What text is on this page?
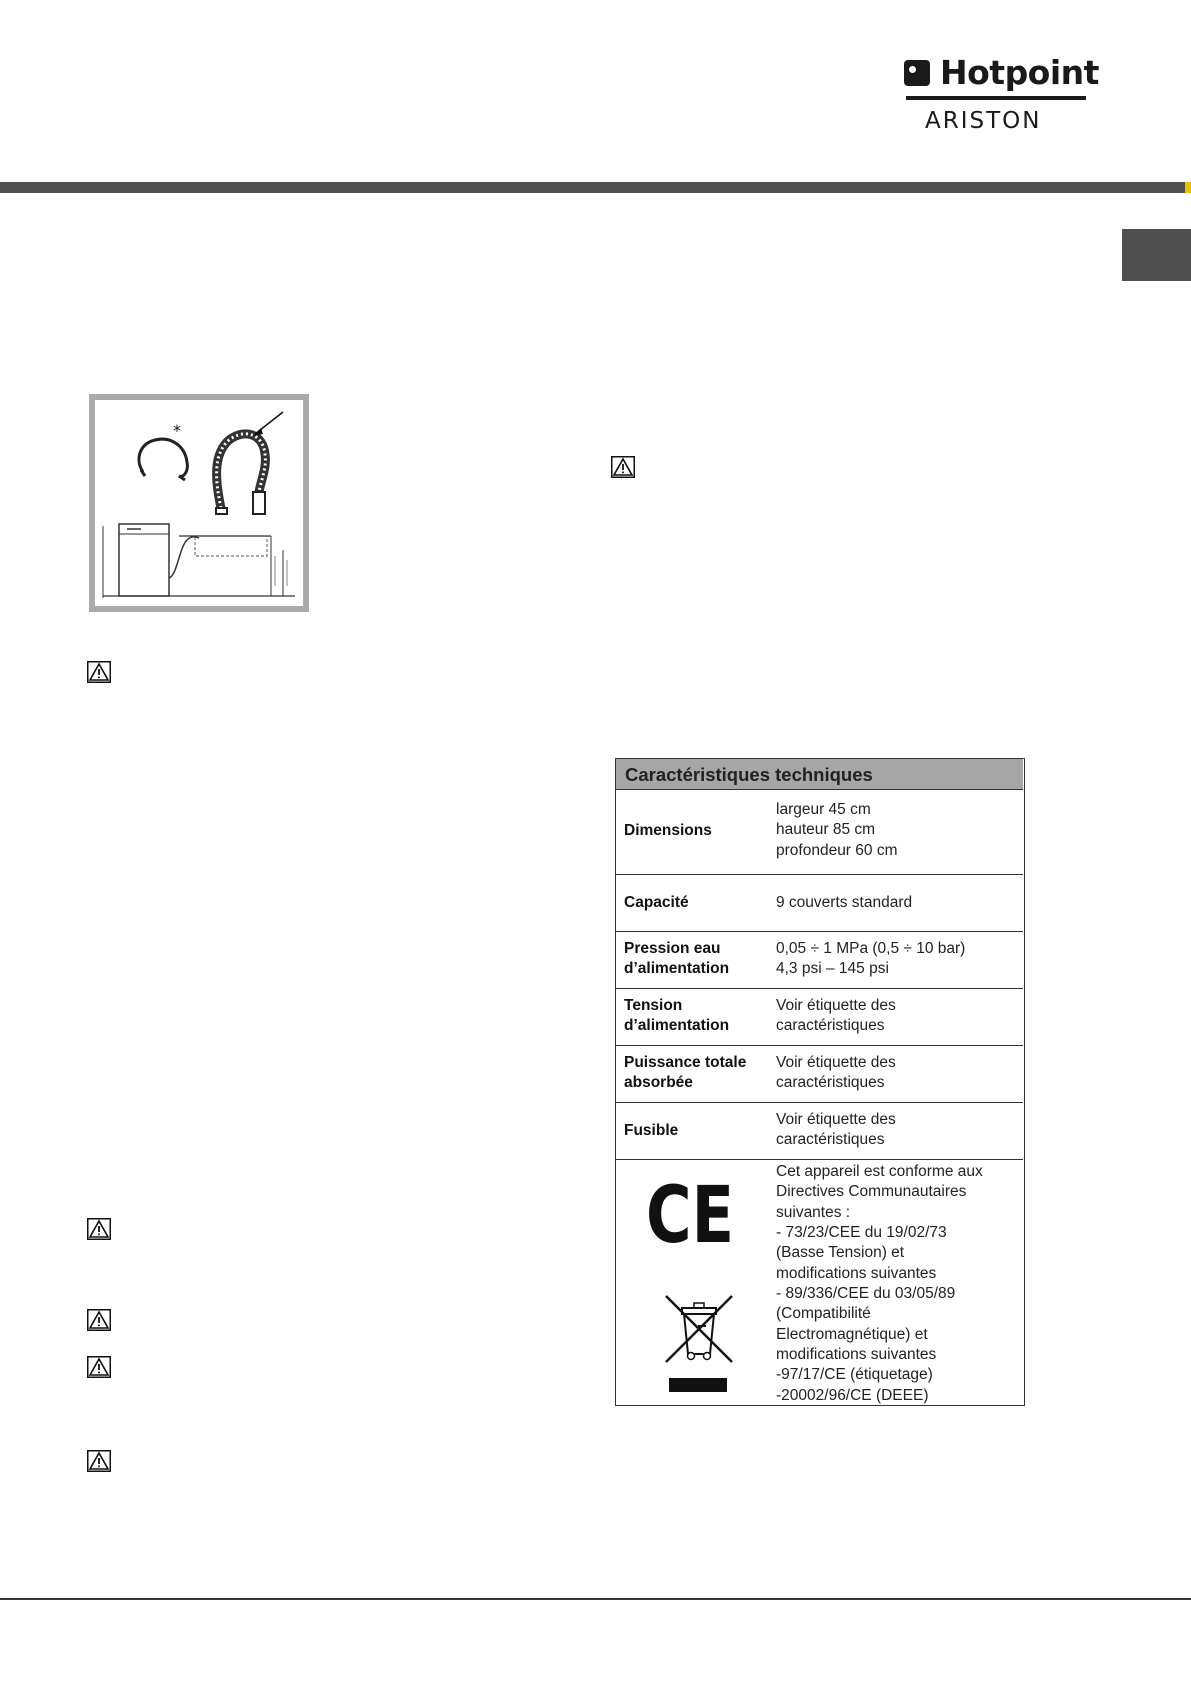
Hotpoint
ARISTON
*
Caractéristiques techniques
Dimensions
largeur 45 cm
hauteur 85 cm
profondeur 60 cm
Capacité	9 couverts standard

Pression eau
d’alimentation

0,05 ÷ 1 MPa (0,5 ÷ 10 bar)
4,3 psi – 145 psi

Tension
d’alimentation
Voir étiquette des
caractéristiques
Puissance totale
absorbée
Voir étiquette des
caractéristiques
Fusible
Voir étiquette des
caractéristiques
CE	Cet appareil est conforme aux
Directives Communautaires
suivantes :
- 73/23/CEE du 19/02/73
(Basse Tension) et
modifications suivantes
- 89/336/CEE du 03/05/89
(Compatibilité
Electromagnétique) et
modifications suivantes
-97/17/CE (étiquetage)
-20002/96/CE (DEEE)
